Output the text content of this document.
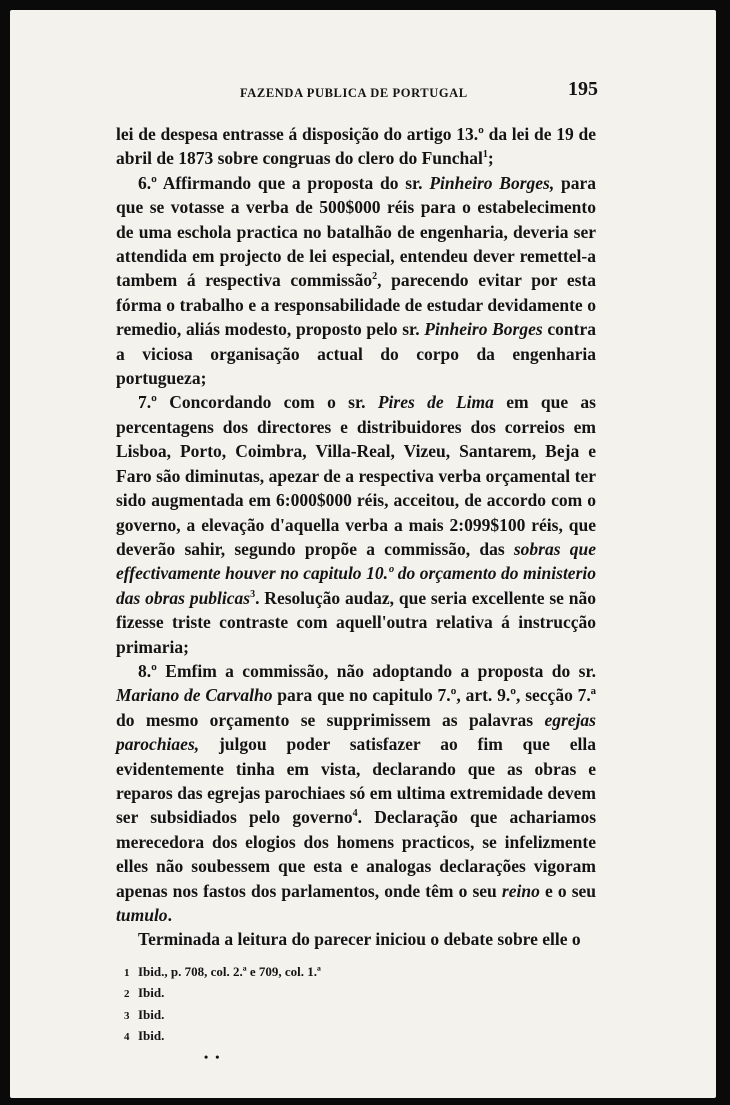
FAZENDA PUBLICA DE PORTUGAL	195

lei de despesa entrasse á disposição do artigo 13.º da lei de 19 de abril de 1873 sobre congruas do clero do Funchal$^1$;

6.º Affirmando que a proposta do sr. Pinheiro Borges, para que se votasse a verba de 500$000 réis para o estabelecimento de uma eschola practica no batalhão de engenharia, deveria ser attendida em projecto de lei especial, entendeu dever remettel-a tambem á respectiva commissão$^2$, parecendo evitar por esta fórma o trabalho e a responsabilidade de estudar devidamente o remedio, aliás modesto, proposto pelo sr. Pinheiro Borges contra a viciosa organisação actual do corpo da engenharia portugueza;

7.º Concordando com o sr. Pires de Lima em que as percentagens dos directores e distribuidores dos correios em Lisboa, Porto, Coimbra, Villa-Real, Vizeu, Santarem, Beja e Faro são diminutas, apezar de a respectiva verba orçamental ter sido augmentada em 6:000$000 réis, acceitou, de accordo com o governo, a elevação d'aquella verba a mais 2:099$100 réis, que deverão sahir, segundo propõe a commissão, das sobras que effectivamente houver no capitulo 10.º do orçamento do ministerio das obras publicas$^3$. Resolução audaz, que seria excellente se não fizesse triste contraste com aquell'outra relativa á instrucção primaria;

8.º Emfim a commissão, não adoptando a proposta do sr. Mariano de Carvalho para que no capitulo 7.º, art. 9.º, secção 7.ª do mesmo orçamento se supprimissem as palavras egrejas parochiaes, julgou poder satisfazer ao fim que ella evidentemente tinha em vista, declarando que as obras e reparos das egrejas parochiaes só em ultima extremidade devem ser subsidiados pelo governo$^4$. Declaração que achariamos merecedora dos elogios dos homens practicos, se infelizmente elles não soubessem que esta e analogas declarações vigoram apenas nos fastos dos parlamentos, onde têm o seu reino e o seu tumulo.

Terminada a leitura do parecer iniciou o debate sobre elle o

1 Ibid., p. 708, col. 2.ª e 709, col. 1.ª
2 Ibid.
3 Ibid.
4 Ibid.
• •
